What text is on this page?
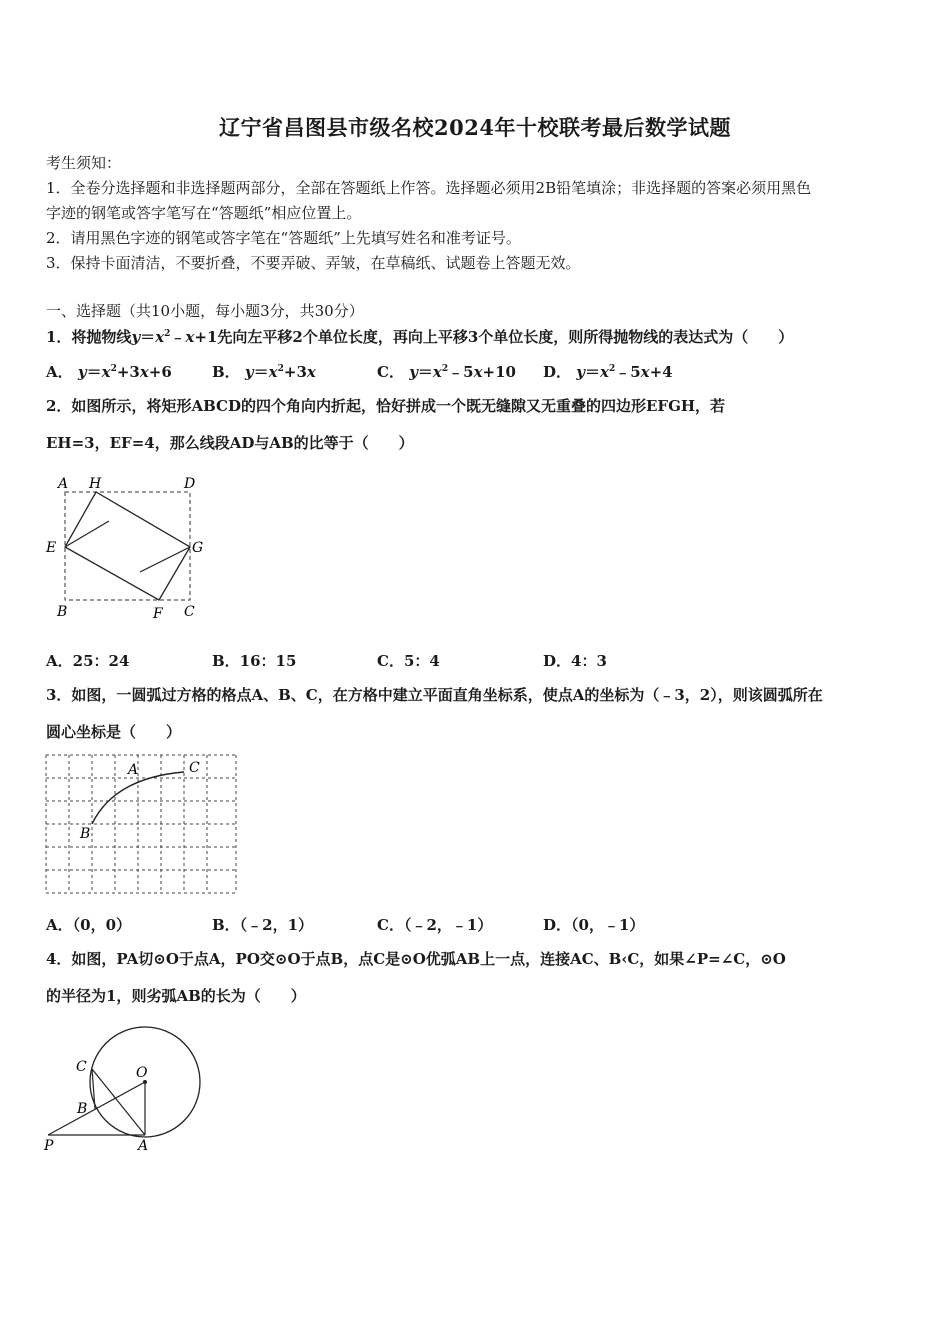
辽宁省昌图县市级名校2024年十校联考最后数学试题
考生须知：
1．全卷分选择题和非选择题两部分，全部在答题纸上作答。选择题必须用2B铅笔填涂；非选择题的答案必须用黑色
字迹的钢笔或答字笔写在“答题纸”相应位置上。
2．请用黑色字迹的钢笔或答字笔在“答题纸”上先填写姓名和准考证号。
3．保持卡面清洁，不要折叠，不要弄破、弄皱，在草稿纸、试题卷上答题无效。
一、选择题（共10小题，每小题3分，共30分）
1．将抛物线$y=x^2﹣x+1$先向左平移2个单位长度，再向上平移3个单位长度，则所得抛物线的表达式为（　　）
A． $y=x^2+3x+6$	B． $y=x^2+3x$	C． $y=x^2﹣5x+10$ D． $y=x^2﹣5x+4$
2．如图所示，将矩形ABCD的四个角向内折起，恰好拼成一个既无缝隙又无重叠的四边形EFGH，若
EH=3，EF=4，那么线段AD与AB的比等于（　　）
A H	D
E	G
B	F C
A．25：24	B．16：15	C．5：4	D．4：3
3．如图，一圆弧过方格的格点A、B、C，在方格中建立平面直角坐标系，使点A的坐标为（﹣3，2），则该圆弧所在
圆心坐标是（　　）
A	C
B
A．（0，0）	B．（﹣2，1）	C．（﹣2，﹣1）	D．（0，﹣1）
4．如图，PA切⊙O于点A，PO交⊙O于点B，点C是⊙O优弧AB上一点，连接AC、B‹C，如果∠P=∠C，⊙O
的半径为1，则劣弧AB的长为（　　）
C	O
B
P	A
